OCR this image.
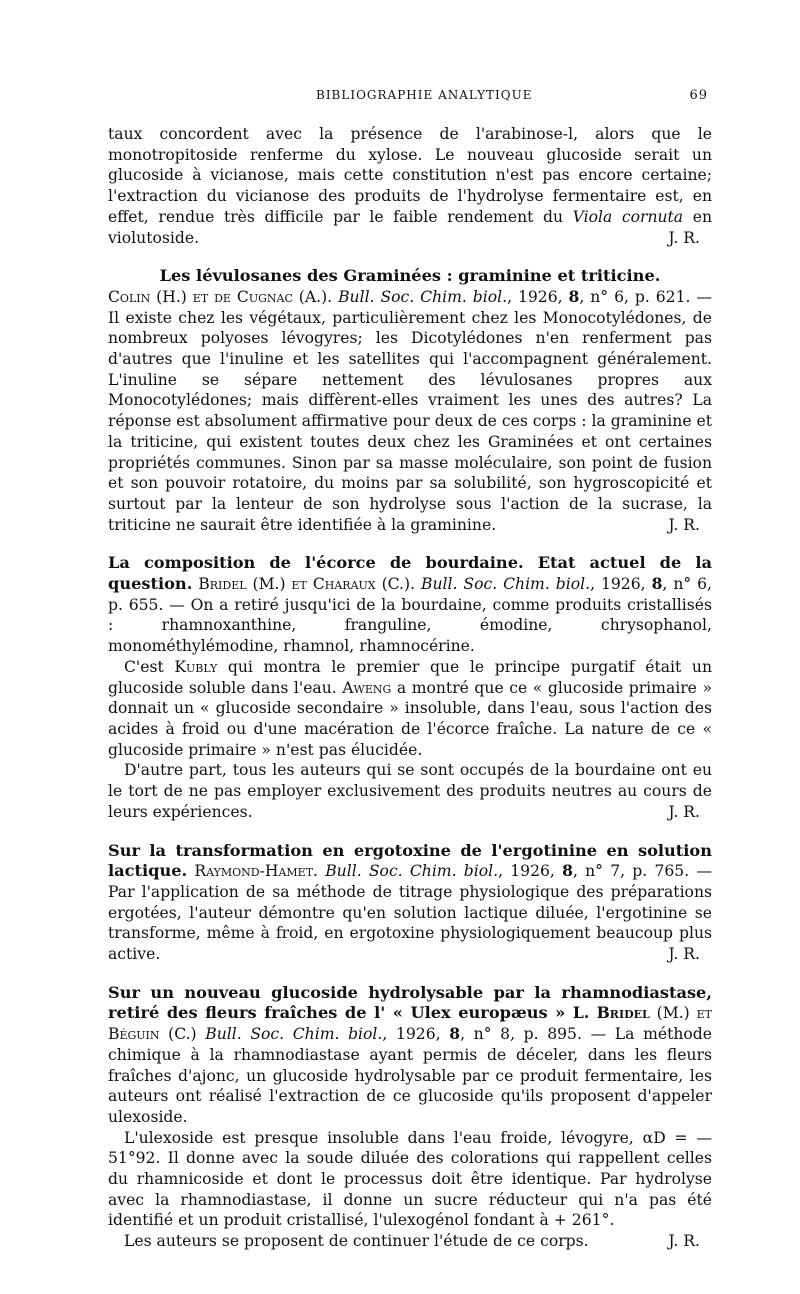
BIBLIOGRAPHIE ANALYTIQUE	69

taux concordent avec la présence de l'arabinose-l, alors que le monotropitoside renferme du xylose. Le nouveau glucoside serait un glucoside à vicianose, mais cette constitution n'est pas encore certaine; l'extraction du vicianose des produits de l'hydrolyse fermentaire est, en effet, rendue très difficile par le faible rendement du Viola cornuta en violutoside.	J. R.

Les lévulosanes des Graminées : graminine et triticine.

Colin (H.) et de Cugnac (A.). Bull. Soc. Chim. biol., 1926, 8, n° 6, p. 621. — Il existe chez les végétaux, particulièrement chez les Monocotylédones, de nombreux polyoses lévogyres; les Dicotylédones n'en renferment pas d'autres que l'inuline et les satellites qui l'accompagnent généralement. L'inuline se sépare nettement des lévulosanes propres aux Monocotylédones; mais diffèrent-elles vraiment les unes des autres? La réponse est absolument affirmative pour deux de ces corps : la graminine et la triticine, qui existent toutes deux chez les Graminées et ont certaines propriétés communes. Sinon par sa masse moléculaire, son point de fusion et son pouvoir rotatoire, du moins par sa solubilité, son hygroscopicité et surtout par la lenteur de son hydrolyse sous l'action de la sucrase, la triticine ne saurait être identifiée à la graminine.	J. R.

La composition de l'écorce de bourdaine. Etat actuel de la question. Bridel (M.) et Charaux (C.). Bull. Soc. Chim. biol., 1926, 8, n° 6, p. 655. — On a retiré jusqu'ici de la bourdaine, comme produits cristallisés : rhamnoxanthine, franguline, émodine, chrysophanol, monométhylémodine, rhamnol, rhamnocérine.

C'est Kubly qui montra le premier que le principe purgatif était un glucoside soluble dans l'eau. Aweng a montré que ce « glucoside primaire » donnait un « glucoside secondaire » insoluble, dans l'eau, sous l'action des acides à froid ou d'une macération de l'écorce fraîche. La nature de ce « glucoside primaire » n'est pas élucidée.

D'autre part, tous les auteurs qui se sont occupés de la bourdaine ont eu le tort de ne pas employer exclusivement des produits neutres au cours de leurs expériences.	J. R.

Sur la transformation en ergotoxine de l'ergotinine en solution lactique. Raymond-Hamet. Bull. Soc. Chim. biol., 1926, 8, n° 7, p. 765. — Par l'application de sa méthode de titrage physiologique des préparations ergotées, l'auteur démontre qu'en solution lactique diluée, l'ergotinine se transforme, même à froid, en ergotoxine physiologiquement beaucoup plus active.	J. R.

Sur un nouveau glucoside hydrolysable par la rhamnodiastase, retiré des fleurs fraîches de l' « Ulex europæus » L. Bridel (M.) et Béguin (C.) Bull. Soc. Chim. biol., 1926, 8, n° 8, p. 895. — La méthode chimique à la rhamnodiastase ayant permis de déceler, dans les fleurs fraîches d'ajonc, un glucoside hydrolysable par ce produit fermentaire, les auteurs ont réalisé l'extraction de ce glucoside qu'ils proposent d'appeler ulexoside.

L'ulexoside est presque insoluble dans l'eau froide, lévogyre, αD = —51°92. Il donne avec la soude diluée des colorations qui rappellent celles du rhamnicoside et dont le processus doit être identique. Par hydrolyse avec la rhamnodiastase, il donne un sucre réducteur qui n'a pas été identifié et un produit cristallisé, l'ulexogénol fondant à + 261°.

Les auteurs se proposent de continuer l'étude de ce corps.	J. R.
